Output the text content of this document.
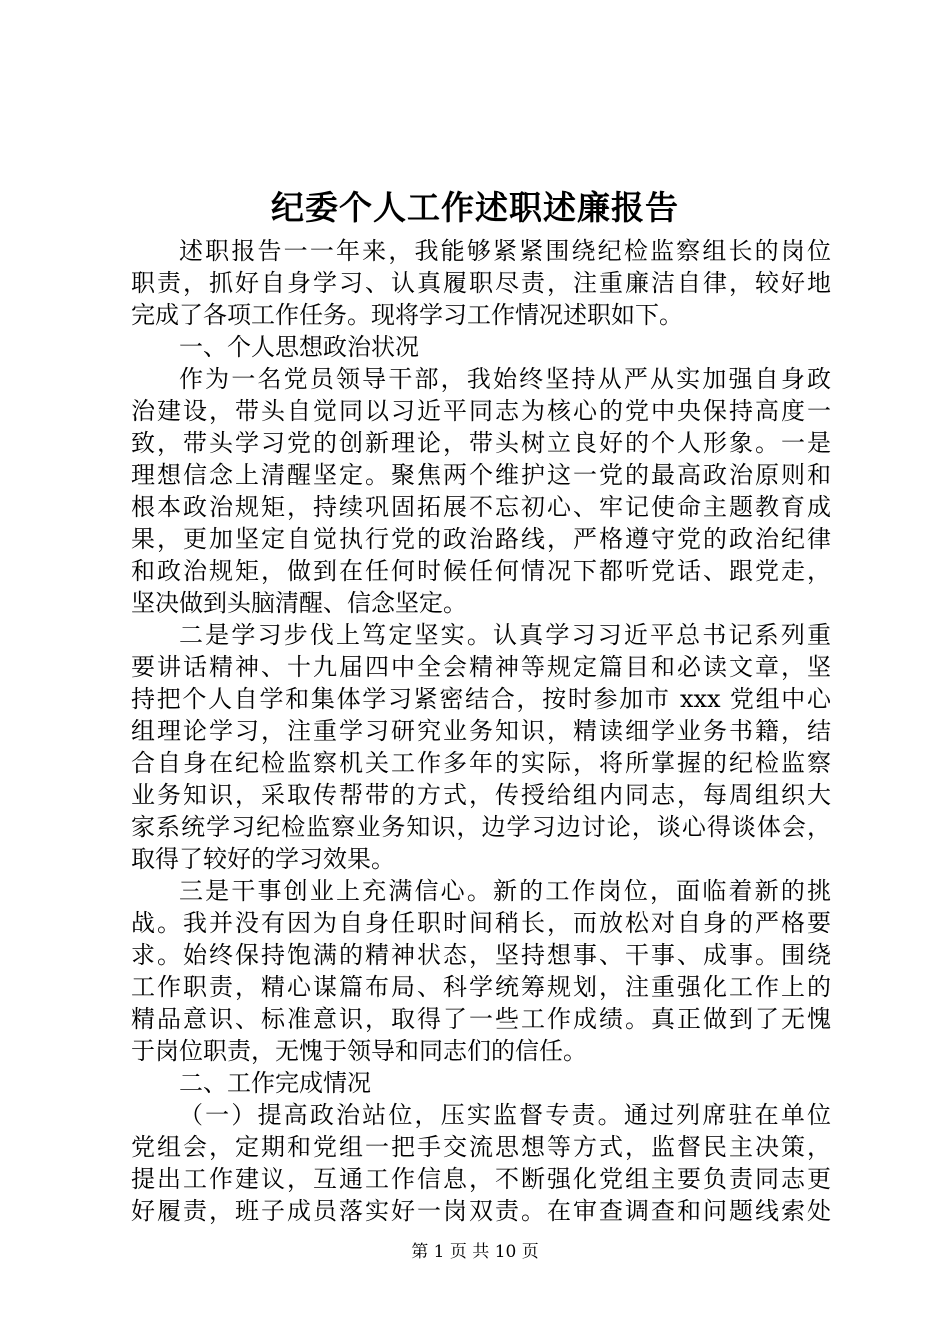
纪委个人工作述职述廉报告
述职报告一一年来，我能够紧紧围绕纪检监察组长的岗位
职责，抓好自身学习、认真履职尽责，注重廉洁自律，较好地
完成了各项工作任务。现将学习工作情况述职如下。
一、个人思想政治状况
作为一名党员领导干部，我始终坚持从严从实加强自身政
治建设，带头自觉同以习近平同志为核心的党中央保持高度一
致，带头学习党的创新理论，带头树立良好的个人形象。一是
理想信念上清醒坚定。聚焦两个维护这一党的最高政治原则和
根本政治规矩，持续巩固拓展不忘初心、牢记使命主题教育成
果，更加坚定自觉执行党的政治路线，严格遵守党的政治纪律
和政治规矩，做到在任何时候任何情况下都听党话、跟党走，
坚决做到头脑清醒、信念坚定。
二是学习步伐上笃定坚实。认真学习习近平总书记系列重
要讲话精神、十九届四中全会精神等规定篇目和必读文章，坚
持把个人自学和集体学习紧密结合，按时参加市 xxx 党组中心
组理论学习，注重学习研究业务知识，精读细学业务书籍，结
合自身在纪检监察机关工作多年的实际，将所掌握的纪检监察
业务知识，采取传帮带的方式，传授给组内同志，每周组织大
家系统学习纪检监察业务知识，边学习边讨论，谈心得谈体会，
取得了较好的学习效果。
三是干事创业上充满信心。新的工作岗位，面临着新的挑
战。我并没有因为自身任职时间稍长，而放松对自身的严格要
求。始终保持饱满的精神状态，坚持想事、干事、成事。围绕
工作职责，精心谋篇布局、科学统筹规划，注重强化工作上的
精品意识、标准意识，取得了一些工作成绩。真正做到了无愧
于岗位职责，无愧于领导和同志们的信任。
二、工作完成情况
（一）提高政治站位，压实监督专责。通过列席驻在单位
党组会，定期和党组一把手交流思想等方式，监督民主决策，
提出工作建议，互通工作信息，不断强化党组主要负责同志更
好履责，班子成员落实好一岗双责。在审查调查和问题线索处
第 1 页 共 10 页
